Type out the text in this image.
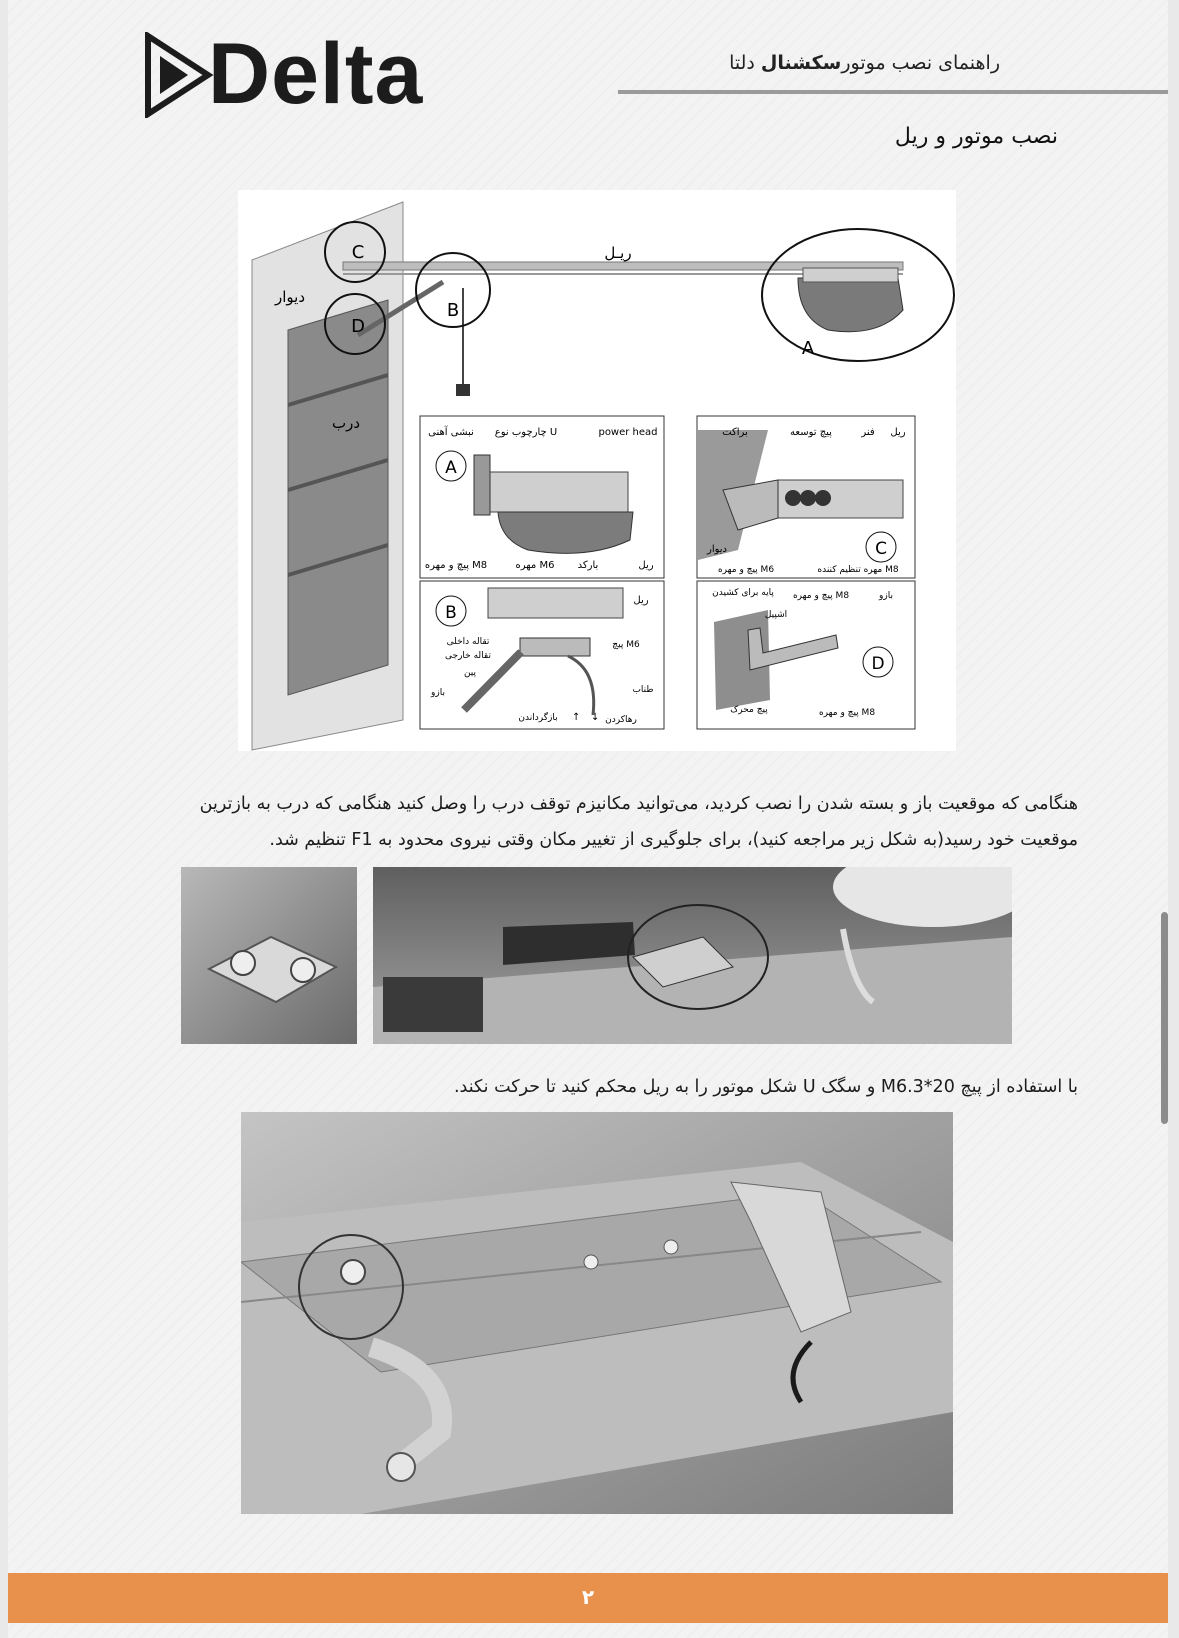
Delta	راهنمای نصب موتورسکشنال دلتا
نصب موتور و ریل
C
D
B
A
ریـل
دیوار
درب
A
نبشی آهنی چارچوب نوع U	power head
پیچ و مهره M8	مهره M6 بارکد	ریل
C
ریل
فنر
پیچ توسعه
براکت
دیوار
پیچ و مهره M6	مهره تنظیم کننده M8
B
ریل
تقاله داخلی
تقاله خارجی
پین
بازو
پیچ M6
طناب
بازگرداندن	رهاکردن
↑ ↓
D
پیچ و مهره M8
پایه برای کشیدن	بازو
اشپیل
پیچ محرک	پیچ و مهره M8
هنگامی که موقعیت باز و بسته شدن را نصب کردید، می‌توانید مکانیزم توقف درب را وصل کنید هنگامی که درب به بازترین موقعیت خود رسید(به شکل زیر مراجعه کنید)، برای جلوگیری از تغییر مکان وقتی نیروی محدود به F1 تنظیم شد.
با استفاده از پیچ M6.3*20 و سگک U شکل موتور را به ریل محکم کنید تا حرکت نکند.
۲
